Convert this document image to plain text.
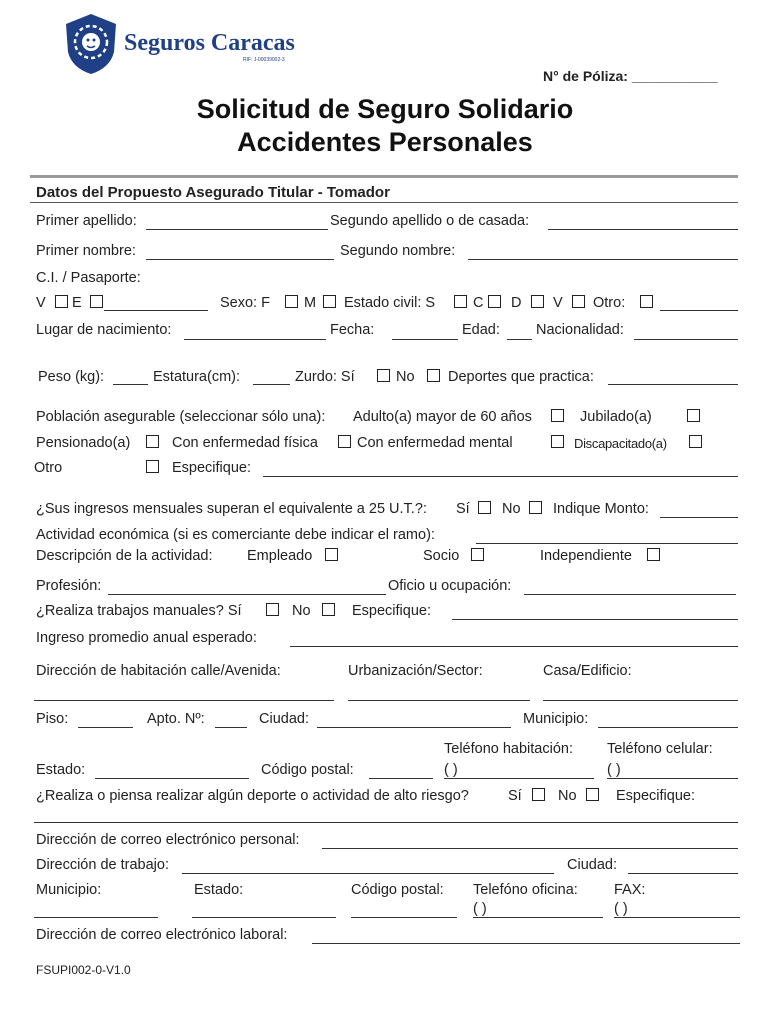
Seguros Caracas
RIF: J-00039002-3
N° de Póliza: ___________
Solicitud de Seguro Solidario
Accidentes Personales
Datos del Propuesto Asegurado Titular - Tomador
Primer apellido:	Segundo apellido o de casada:
Primer nombre:	Segundo nombre:
C.I. / Pasaporte:
V E	Sexo: F M Estado civil: S	C D V Otro:
Lugar de nacimiento:	Fecha:	Edad: Nacionalidad:
Peso (kg):	Estatura(cm):	Zurdo: Sí	No Deportes que practica:
Población asegurable (seleccionar sólo una): Adulto(a) mayor de 60 años	Jubilado(a)
Pensionado(a)	Con enfermedad física	Con enfermedad mental	Discapacitado(a)
Otro	Especifique:
¿Sus ingresos mensuales superan el equivalente a 25 U.T.?: Sí No Indique Monto:
Actividad económica (si es comerciante debe indicar el ramo):
Descripción de la actividad: Empleado	Socio	Independiente
Profesión:	Oficio u ocupación:
¿Realiza trabajos manuales? Sí	No	Especifique:
Ingreso promedio anual esperado:
Dirección de habitación calle/Avenida:	Urbanización/Sector:	Casa/Edificio:
Piso:	Apto. Nº:	Ciudad:	Municipio:
Teléfono habitación: Teléfono celular:
Estado:	Código postal:	( )	( )
¿Realiza o piensa realizar algún deporte o actividad de alto riesgo?	Sí	No	Especifique:
Dirección de correo electrónico personal:
Dirección de trabajo:	Ciudad:
Municipio:	Estado:	Código postal: Telefóno oficina: FAX:
( )	( )
Dirección de correo electrónico laboral:
FSUPI002-0-V1.0
